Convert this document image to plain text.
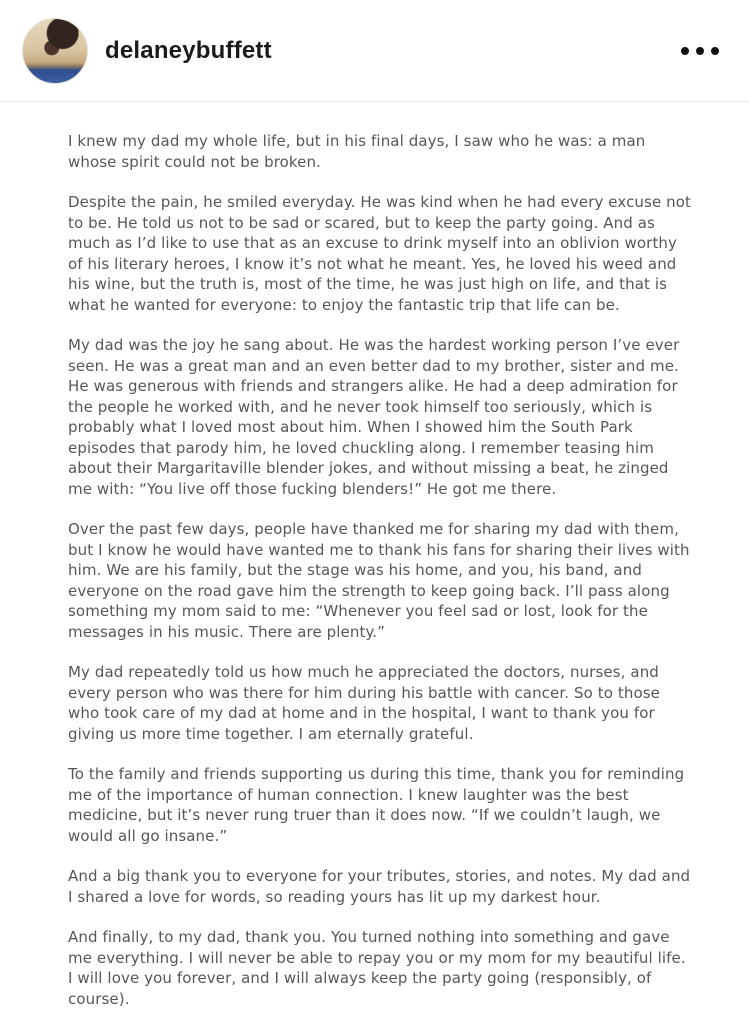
delaneybuffett

I knew my dad my whole life, but in his final days, I saw who he was: a man whose spirit could not be broken.

Despite the pain, he smiled everyday. He was kind when he had every excuse not to be. He told us not to be sad or scared, but to keep the party going. And as much as I’d like to use that as an excuse to drink myself into an oblivion worthy of his literary heroes, I know it’s not what he meant. Yes, he loved his weed and his wine, but the truth is, most of the time, he was just high on life, and that is what he wanted for everyone: to enjoy the fantastic trip that life can be.

My dad was the joy he sang about. He was the hardest working person I’ve ever seen. He was a great man and an even better dad to my brother, sister and me. He was generous with friends and strangers alike. He had a deep admiration for the people he worked with, and he never took himself too seriously, which is probably what I loved most about him. When I showed him the South Park episodes that parody him, he loved chuckling along. I remember teasing him about their Margaritaville blender jokes, and without missing a beat, he zinged me with: “You live off those fucking blenders!” He got me there.

Over the past few days, people have thanked me for sharing my dad with them, but I know he would have wanted me to thank his fans for sharing their lives with him. We are his family, but the stage was his home, and you, his band, and everyone on the road gave him the strength to keep going back. I’ll pass along something my mom said to me: “Whenever you feel sad or lost, look for the messages in his music. There are plenty.”

My dad repeatedly told us how much he appreciated the doctors, nurses, and every person who was there for him during his battle with cancer. So to those who took care of my dad at home and in the hospital, I want to thank you for giving us more time together. I am eternally grateful.

To the family and friends supporting us during this time, thank you for reminding me of the importance of human connection. I knew laughter was the best medicine, but it’s never rung truer than it does now. “If we couldn’t laugh, we would all go insane.”

And a big thank you to everyone for your tributes, stories, and notes. My dad and I shared a love for words, so reading yours has lit up my darkest hour.

And finally, to my dad, thank you. You turned nothing into something and gave me everything. I will never be able to repay you or my mom for my beautiful life. I will love you forever, and I will always keep the party going (responsibly, of course).
